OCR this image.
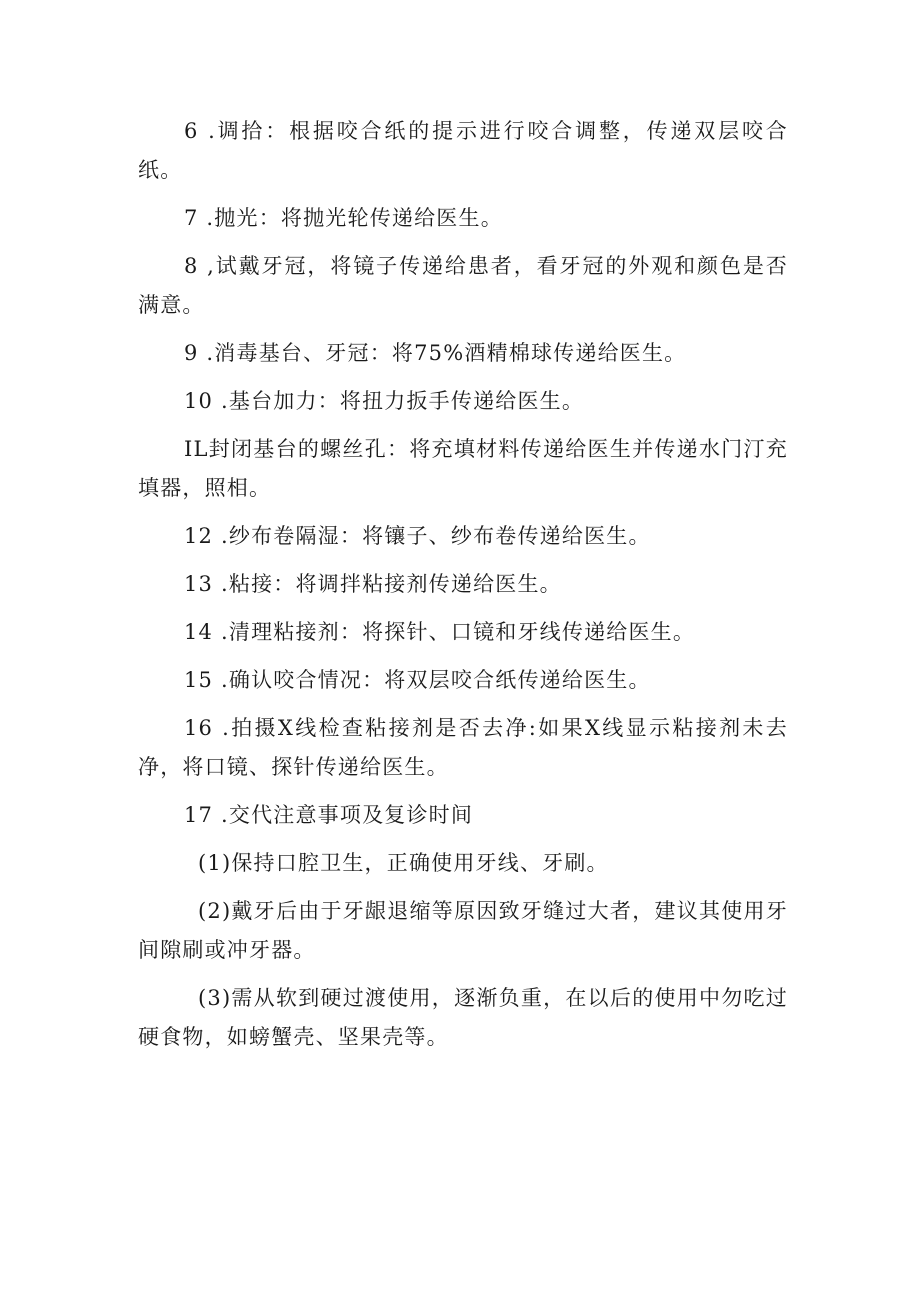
6 .调拾：根据咬合纸的提示进行咬合调整，传递双层咬合纸。

7 .抛光：将抛光轮传递给医生。

8 ,试戴牙冠，将镜子传递给患者，看牙冠的外观和颜色是否满意。

9 .消毒基台、牙冠：将75%酒精棉球传递给医生。

10 .基台加力：将扭力扳手传递给医生。

IL封闭基台的螺丝孔：将充填材料传递给医生并传递水门汀充填器，照相。

12 .纱布卷隔湿：将镶子、纱布卷传递给医生。

13 .粘接：将调拌粘接剂传递给医生。

14 .清理粘接剂：将探针、口镜和牙线传递给医生。

15 .确认咬合情况：将双层咬合纸传递给医生。

16 .拍摄X线检查粘接剂是否去净:如果X线显示粘接剂未去净，将口镜、探针传递给医生。

17 .交代注意事项及复诊时间

(1)保持口腔卫生，正确使用牙线、牙刷。

(2)戴牙后由于牙龈退缩等原因致牙缝过大者，建议其使用牙间隙刷或冲牙器。

(3)需从软到硬过渡使用，逐渐负重，在以后的使用中勿吃过硬食物，如螃蟹壳、坚果壳等。
